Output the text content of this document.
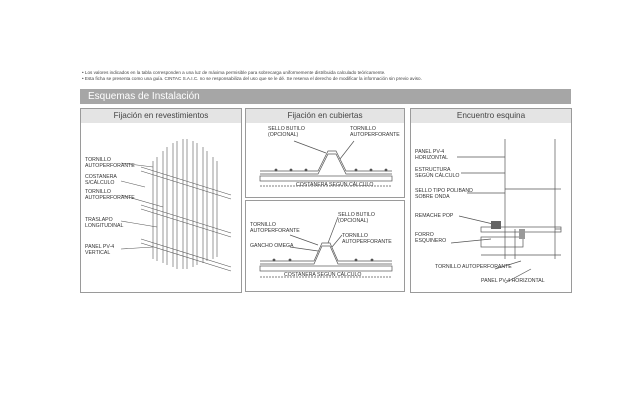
• Los valores indicados en la tabla corresponden a una luz de máxima permisible para sobrecarga uniformemente distribuida calculado teóricamente.
• Esta ficha se presenta como una guía. CINTAC S.A.I.C. no se responsabiliza del uso que se le dé. Se reserva el derecho de modificar la información sin previo aviso.
Esquemas de Instalación
Fijación en revestimientos
TORNILLO
AUTOPERFORANTE
COSTANERA
S/CÁLCULO
TORNILLO
AUTOPERFORANTE
TRASLAPO
LONGITUDINAL
PANEL PV-4
VERTICAL
Fijación en cubiertas
SELLO BUTILO
(OPCIONAL)
TORNILLO
AUTOPERFORANTE
COSTANERA SEGÚN CÁLCULO
TORNILLO
AUTOPERFORANTE
GANCHO OMEGA
SELLO BUTILO
(OPCIONAL)
TORNILLO
AUTOPERFORANTE
COSTANERA SEGÚN CÁLCULO
Encuentro esquina
PANEL PV-4
HORIZONTAL
ESTRUCTURA
SEGÚN CÁLCULO
SELLO TIPO POLIBAND
SOBRE ONDA
REMACHE POP
FORRO
ESQUINERO
TORNILLO AUTOPERFORANTE
PANEL PV-4 HORIZONTAL
